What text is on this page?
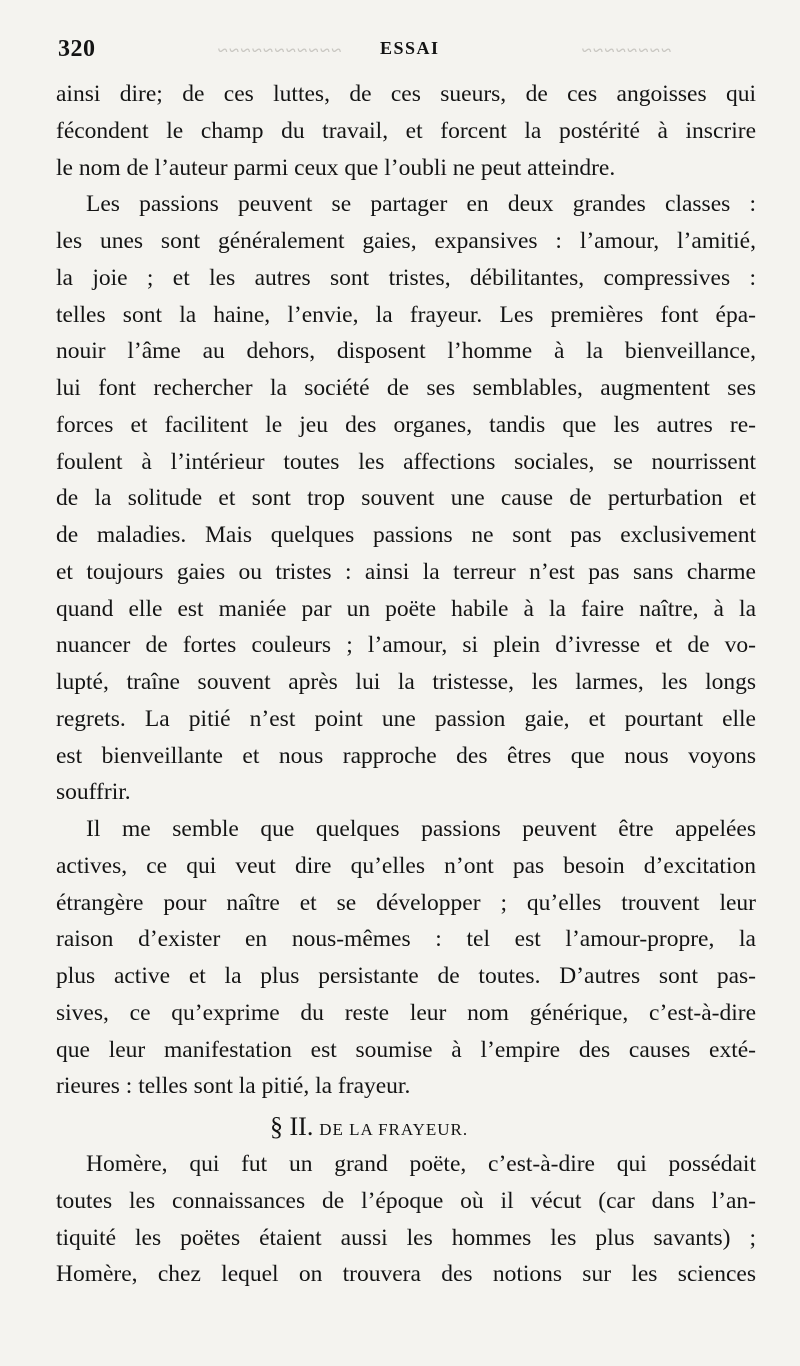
~~~~~~~~~~~	~~~~~~~~
320	ESSAI
ainsi dire; de ces luttes, de ces sueurs, de ces angoisses qui
fécondent le champ du travail, et forcent la postérité à inscrire
le nom de l’auteur parmi ceux que l’oubli ne peut atteindre.
Les passions peuvent se partager en deux grandes classes :
les unes sont généralement gaies, expansives : l’amour, l’amitié,
la joie ; et les autres sont tristes, débilitantes, compressives :
telles sont la haine, l’envie, la frayeur. Les premières font épa-
nouir l’âme au dehors, disposent l’homme à la bienveillance,
lui font rechercher la société de ses semblables, augmentent ses
forces et facilitent le jeu des organes, tandis que les autres re-
foulent à l’intérieur toutes les affections sociales, se nourrissent
de la solitude et sont trop souvent une cause de perturbation et
de maladies. Mais quelques passions ne sont pas exclusivement
et toujours gaies ou tristes : ainsi la terreur n’est pas sans charme
quand elle est maniée par un poëte habile à la faire naître, à la
nuancer de fortes couleurs ; l’amour, si plein d’ivresse et de vo-
lupté, traîne souvent après lui la tristesse, les larmes, les longs
regrets. La pitié n’est point une passion gaie, et pourtant elle
est bienveillante et nous rapproche des êtres que nous voyons
souffrir.
Il me semble que quelques passions peuvent être appelées
actives, ce qui veut dire qu’elles n’ont pas besoin d’excitation
étrangère pour naître et se développer ; qu’elles trouvent leur
raison d’exister en nous-mêmes : tel est l’amour-propre, la
plus active et la plus persistante de toutes. D’autres sont pas-
sives, ce qu’exprime du reste leur nom générique, c’est-à-dire
que leur manifestation est soumise à l’empire des causes exté-
rieures : telles sont la pitié, la frayeur.
§ II. DE LA FRAYEUR.
Homère, qui fut un grand poëte, c’est-à-dire qui possédait
toutes les connaissances de l’époque où il vécut (car dans l’an-
tiquité les poëtes étaient aussi les hommes les plus savants) ;
Homère, chez lequel on trouvera des notions sur les sciences
